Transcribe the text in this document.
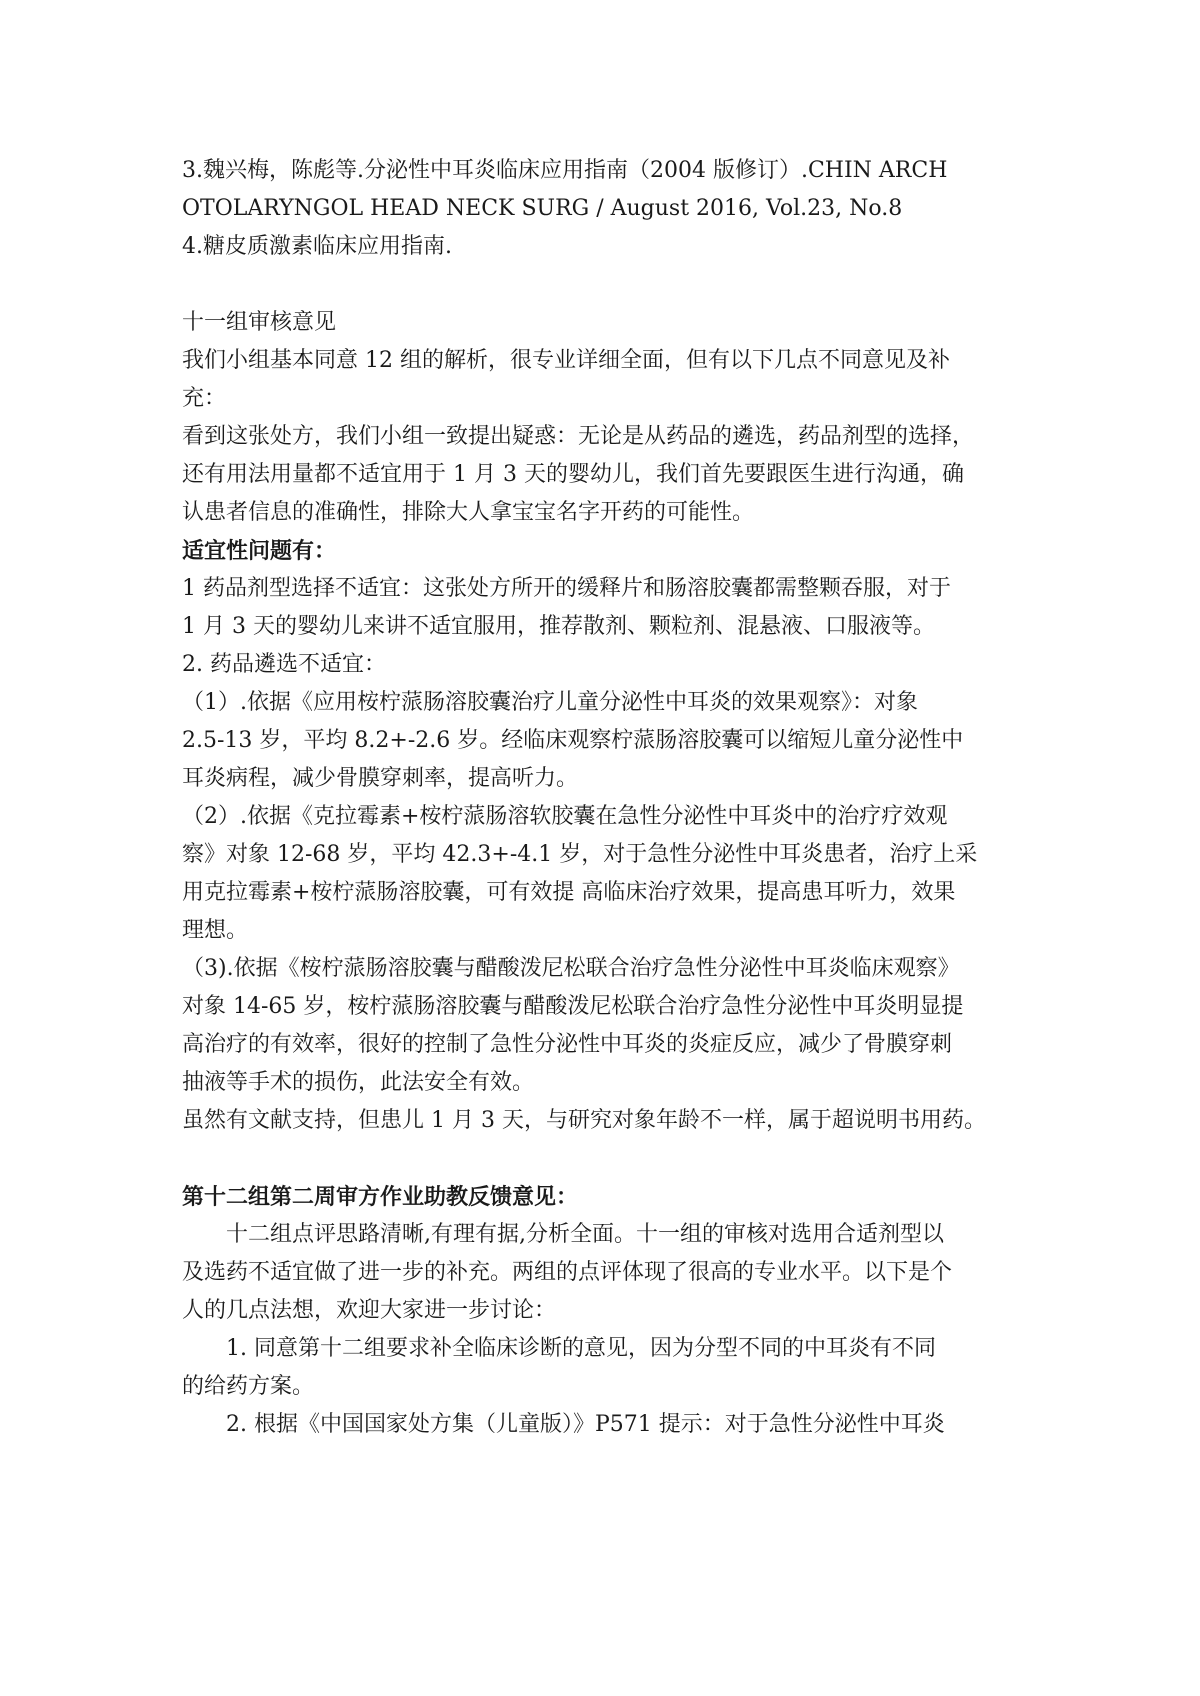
3.魏兴梅，陈彪等.分泌性中耳炎临床应用指南（2004 版修订）.CHIN ARCH
OTOLARYNGOL HEAD NECK SURG / August 2016, Vol.23, No.8
4.糖皮质激素临床应用指南.
十一组审核意见
我们小组基本同意 12 组的解析，很专业详细全面，但有以下几点不同意见及补
充：
看到这张处方，我们小组一致提出疑惑：无论是从药品的遴选，药品剂型的选择，
还有用法用量都不适宜用于 1 月 3 天的婴幼儿，我们首先要跟医生进行沟通，确
认患者信息的准确性，排除大人拿宝宝名字开药的可能性。
适宜性问题有：
1 药品剂型选择不适宜：这张处方所开的缓释片和肠溶胶囊都需整颗吞服，对于
1 月 3 天的婴幼儿来讲不适宜服用，推荐散剂、颗粒剂、混悬液、口服液等。
2. 药品遴选不适宜：
（1）.依据《应用桉柠蒎肠溶胶囊治疗儿童分泌性中耳炎的效果观察》：对象
2.5-13 岁，平均 8.2+-2.6 岁。经临床观察柠蒎肠溶胶囊可以缩短儿童分泌性中
耳炎病程，减少骨膜穿刺率，提高听力。
（2）.依据《克拉霉素+桉柠蒎肠溶软胶囊在急性分泌性中耳炎中的治疗疗效观
察》对象 12-68 岁，平均 42.3+-4.1 岁，对于急性分泌性中耳炎患者，治疗上采
用克拉霉素+桉柠蒎肠溶胶囊，可有效提 高临床治疗效果，提高患耳听力，效果
理想。
（3).依据《桉柠蒎肠溶胶囊与醋酸泼尼松联合治疗急性分泌性中耳炎临床观察》
对象 14-65 岁，桉柠蒎肠溶胶囊与醋酸泼尼松联合治疗急性分泌性中耳炎明显提
高治疗的有效率，很好的控制了急性分泌性中耳炎的炎症反应，减少了骨膜穿刺
抽液等手术的损伤，此法安全有效。
虽然有文献支持，但患儿 1 月 3 天，与研究对象年龄不一样，属于超说明书用药。
第十二组第二周审方作业助教反馈意见：
十二组点评思路清晰,有理有据,分析全面。十一组的审核对选用合适剂型以
及选药不适宜做了进一步的补充。两组的点评体现了很高的专业水平。以下是个
人的几点法想，欢迎大家进一步讨论：
1. 同意第十二组要求补全临床诊断的意见，因为分型不同的中耳炎有不同
的给药方案。
2. 根据《中国国家处方集（儿童版）》P571 提示：对于急性分泌性中耳炎
